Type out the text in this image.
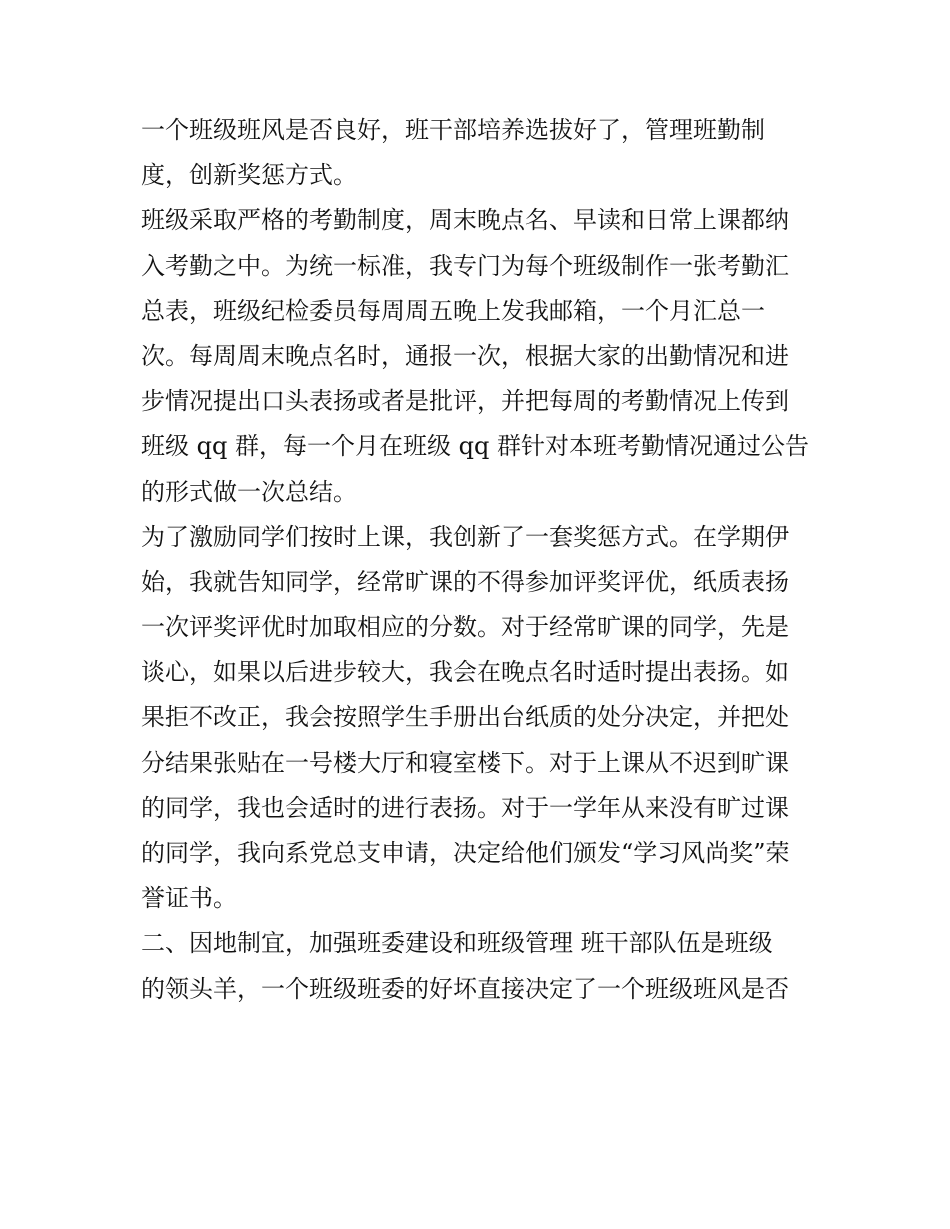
一个班级班风是否良好，班干部培养选拔好了，管理班勤制
度，创新奖惩方式。
班级采取严格的考勤制度，周末晚点名、早读和日常上课都纳
入考勤之中。为统一标准，我专门为每个班级制作一张考勤汇
总表，班级纪检委员每周周五晚上发我邮箱，一个月汇总一
次。每周周末晚点名时，通报一次，根据大家的出勤情况和进
步情况提出口头表扬或者是批评，并把每周的考勤情况上传到
班级 qq 群，每一个月在班级 qq 群针对本班考勤情况通过公告
的形式做一次总结。
为了激励同学们按时上课，我创新了一套奖惩方式。在学期伊
始，我就告知同学，经常旷课的不得参加评奖评优，纸质表扬
一次评奖评优时加取相应的分数。对于经常旷课的同学，先是
谈心，如果以后进步较大，我会在晚点名时适时提出表扬。如
果拒不改正，我会按照学生手册出台纸质的处分决定，并把处
分结果张贴在一号楼大厅和寝室楼下。对于上课从不迟到旷课
的同学，我也会适时的进行表扬。对于一学年从来没有旷过课
的同学，我向系党总支申请，决定给他们颁发“学习风尚奖”荣
誉证书。
二、因地制宜，加强班委建设和班级管理 班干部队伍是班级
的领头羊，一个班级班委的好坏直接决定了一个班级班风是否
